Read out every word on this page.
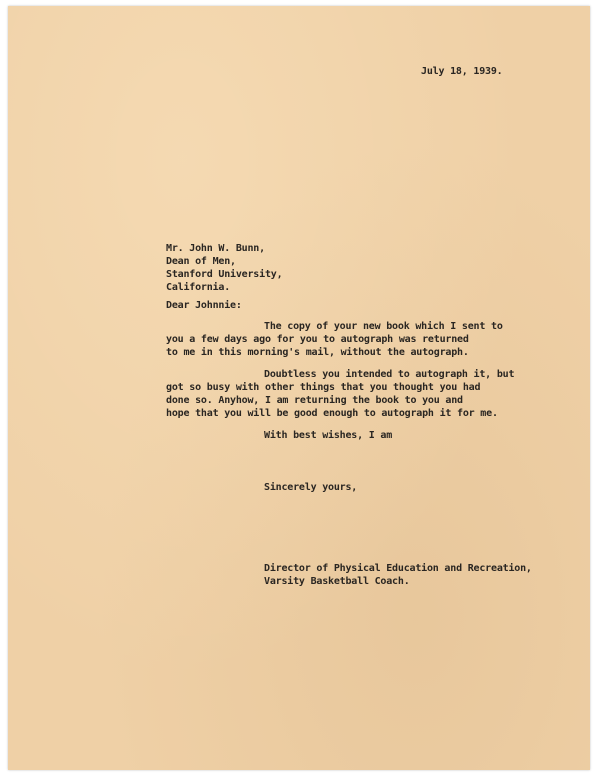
July 18, 1939.
Mr. John W. Bunn,
Dean of Men,
Stanford University,
California.
Dear Johnnie:
The copy of your new book which I sent to
you a few days ago for you to autograph was returned
to me in this morning's mail, without the autograph.
Doubtless you intended to autograph it, but
got so busy with other things that you thought you had
done so. Anyhow, I am returning the book to you and
hope that you will be good enough to autograph it for me.
With best wishes, I am
Sincerely yours,
Director of Physical Education and Recreation,
Varsity Basketball Coach.
